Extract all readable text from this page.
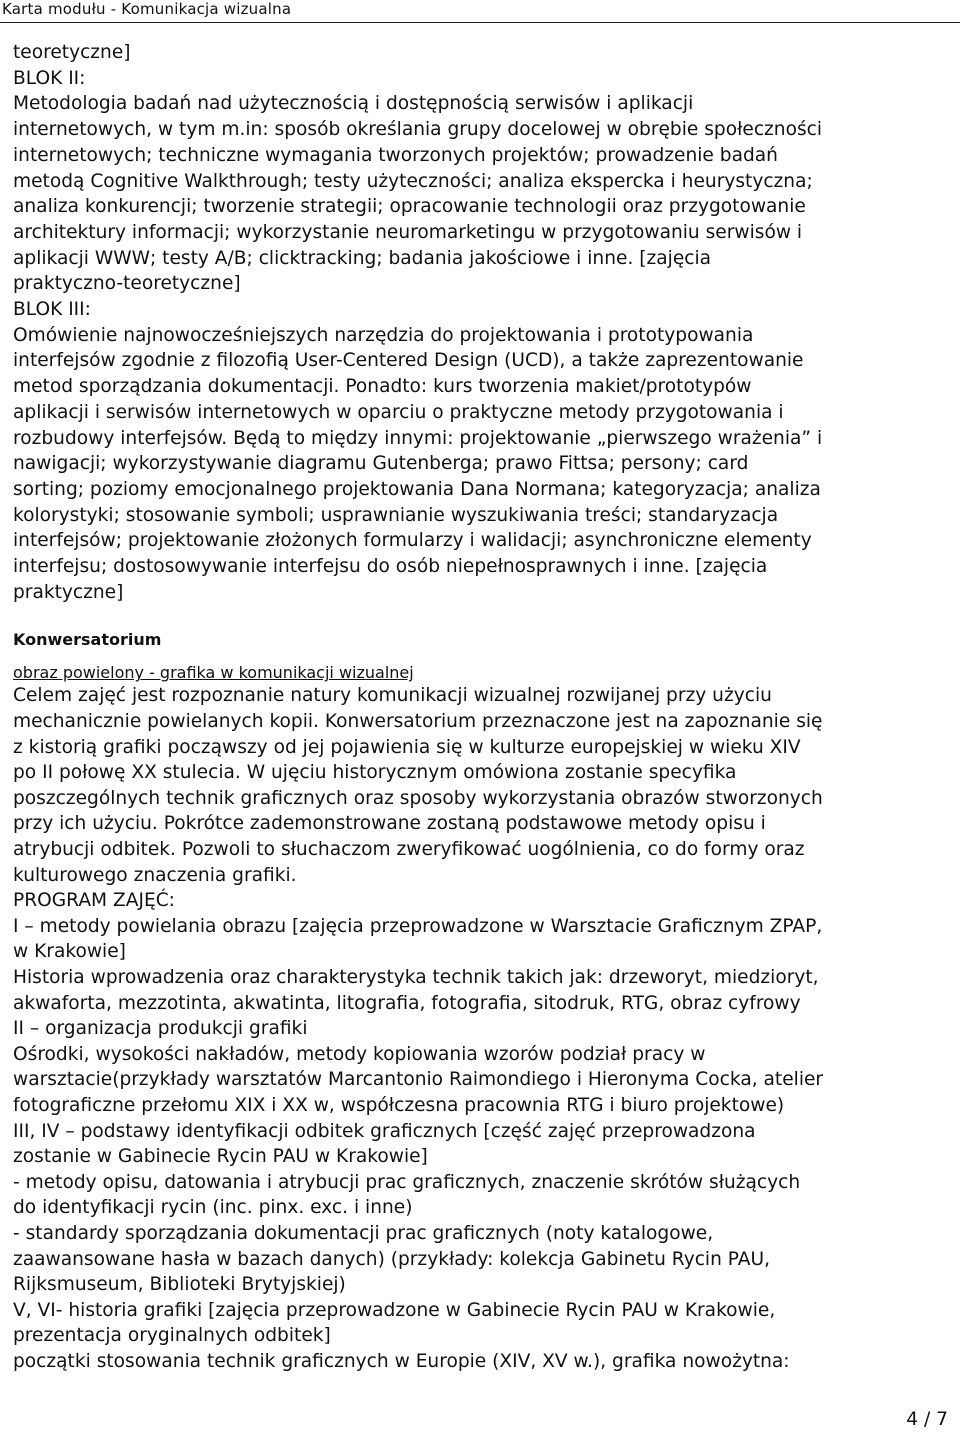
Karta modułu - Komunikacja wizualna

teoretyczne]
BLOK II:
Metodologia badań nad użytecznością i dostępnością serwisów i aplikacji
internetowych, w tym m.in: sposób określania grupy docelowej w obrębie społeczności
internetowych; techniczne wymagania tworzonych projektów; prowadzenie badań
metodą Cognitive Walkthrough; testy użyteczności; analiza ekspercka i heurystyczna;
analiza konkurencji; tworzenie strategii; opracowanie technologii oraz przygotowanie
architektury informacji; wykorzystanie neuromarketingu w przygotowaniu serwisów i
aplikacji WWW; testy A/B; clicktracking; badania jakościowe i inne. [zajęcia
praktyczno-teoretyczne]
BLOK III:
Omówienie najnowocześniejszych narzędzia do projektowania i prototypowania
interfejsów zgodnie z filozofią User-Centered Design (UCD), a także zaprezentowanie
metod sporządzania dokumentacji. Ponadto: kurs tworzenia makiet/prototypów
aplikacji i serwisów internetowych w oparciu o praktyczne metody przygotowania i
rozbudowy interfejsów. Będą to między innymi: projektowanie „pierwszego wrażenia” i
nawigacji; wykorzystywanie diagramu Gutenberga; prawo Fittsa; persony; card
sorting; poziomy emocjonalnego projektowania Dana Normana; kategoryzacja; analiza
kolorystyki; stosowanie symboli; usprawnianie wyszukiwania treści; standaryzacja
interfejsów; projektowanie złożonych formularzy i walidacji; asynchroniczne elementy
interfejsu; dostosowywanie interfejsu do osób niepełnosprawnych i inne. [zajęcia
praktyczne]

Konwersatorium
obraz powielony - grafika w komunikacji wizualnej

Celem zajęć jest rozpoznanie natury komunikacji wizualnej rozwijanej przy użyciu
mechanicznie powielanych kopii. Konwersatorium przeznaczone jest na zapoznanie się
z kistorią grafiki począwszy od jej pojawienia się w kulturze europejskiej w wieku XIV
po II połowę XX stulecia. W ujęciu historycznym omówiona zostanie specyfika
poszczególnych technik graficznych oraz sposoby wykorzystania obrazów stworzonych
przy ich użyciu. Pokrótce zademonstrowane zostaną podstawowe metody opisu i
atrybucji odbitek. Pozwoli to słuchaczom zweryfikować uogólnienia, co do formy oraz
kulturowego znaczenia grafiki.
PROGRAM ZAJĘĆ:
I – metody powielania obrazu [zajęcia przeprowadzone w Warsztacie Graficznym ZPAP,
w Krakowie]
Historia wprowadzenia oraz charakterystyka technik takich jak: drzeworyt, miedzioryt,
akwaforta, mezzotinta, akwatinta, litografia, fotografia, sitodruk, RTG, obraz cyfrowy
II – organizacja produkcji grafiki
Ośrodki, wysokości nakładów, metody kopiowania wzorów podział pracy w
warsztacie(przykłady warsztatów Marcantonio Raimondiego i Hieronyma Cocka, atelier
fotograficzne przełomu XIX i XX w, współczesna pracownia RTG i biuro projektowe)
III, IV – podstawy identyfikacji odbitek graficznych [część zajęć przeprowadzona
zostanie w Gabinecie Rycin PAU w Krakowie]
- metody opisu, datowania i atrybucji prac graficznych, znaczenie skrótów służących
do identyfikacji rycin (inc. pinx. exc. i inne)
- standardy sporządzania dokumentacji prac graficznych (noty katalogowe,
zaawansowane hasła w bazach danych) (przykłady: kolekcja Gabinetu Rycin PAU,
Rijksmuseum, Biblioteki Brytyjskiej)
V, VI- historia grafiki [zajęcia przeprowadzone w Gabinecie Rycin PAU w Krakowie,
prezentacja oryginalnych odbitek]
początki stosowania technik graficznych w Europie (XIV, XV w.), grafika nowożytna:

4 / 7
